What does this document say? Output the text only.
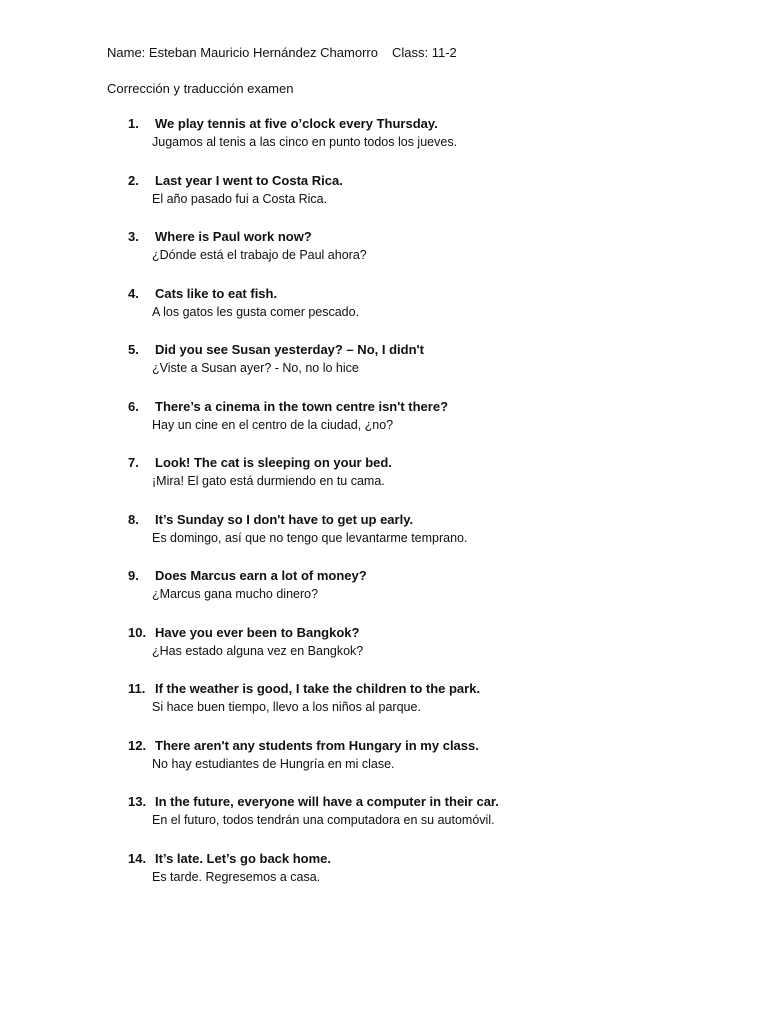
Name: Esteban Mauricio Hernández Chamorro Class: 11-2
Corrección y traducción examen
1. We play tennis at five o’clock every Thursday.
Jugamos al tenis a las cinco en punto todos los jueves.
2. Last year I went to Costa Rica.
El año pasado fui a Costa Rica.
3. Where is Paul work now?
¿Dónde está el trabajo de Paul ahora?
4. Cats like to eat fish.
A los gatos les gusta comer pescado.
5. Did you see Susan yesterday? – No, I didn't
¿Viste a Susan ayer? - No, no lo hice
6. There’s a cinema in the town centre isn't there?
Hay un cine en el centro de la ciudad, ¿no?
7. Look! The cat is sleeping on your bed.
¡Mira! El gato está durmiendo en tu cama.
8. It’s Sunday so I don't have to get up early.
Es domingo, así que no tengo que levantarme temprano.
9. Does Marcus earn a lot of money?
¿Marcus gana mucho dinero?
10. Have you ever been to Bangkok?
¿Has estado alguna vez en Bangkok?
11. If the weather is good, I take the children to the park.
Si hace buen tiempo, llevo a los niños al parque.
12. There aren't any students from Hungary in my class.
No hay estudiantes de Hungría en mi clase.
13. In the future, everyone will have a computer in their car.
En el futuro, todos tendrán una computadora en su automóvil.
14. It’s late. Let’s go back home.
Es tarde. Regresemos a casa.
